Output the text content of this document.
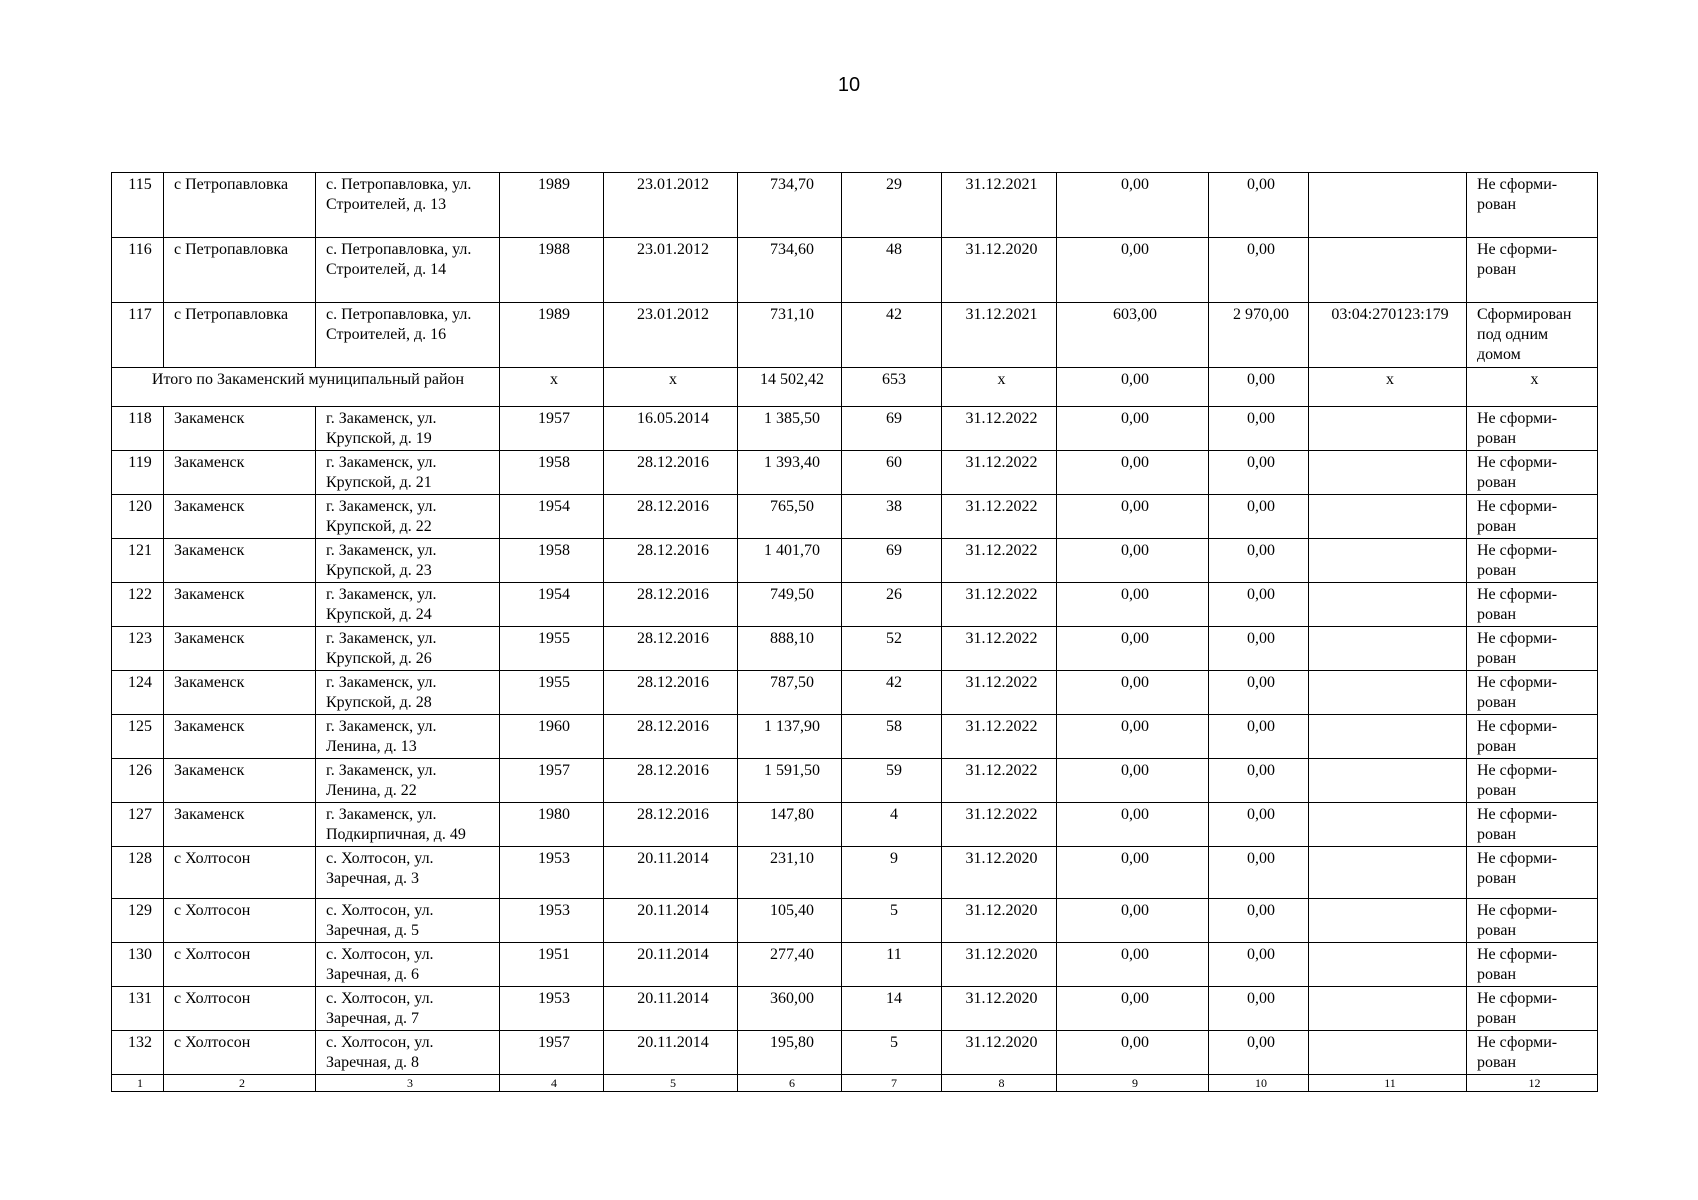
10
115	с Петропавловка	с. Петропавловка, ул. Строителей, д. 13	1989	23.01.2012	734,70	29	31.12.2021	0,00	0,00		Не сформи- рован
116	с Петропавловка	с. Петропавловка, ул. Строителей, д. 14	1988	23.01.2012	734,60	48	31.12.2020	0,00	0,00		Не сформи- рован
117	с Петропавловка	с. Петропавловка, ул. Строителей, д. 16	1989	23.01.2012	731,10	42	31.12.2021	603,00	2 970,00	03:04:270123:179	Сформирован под одним домом
Итого по Закаменский муниципальный район			x	x	14 502,42	653	x	0,00	0,00	x	x
118	Закаменск	г. Закаменск, ул. Крупской, д. 19	1957	16.05.2014	1 385,50	69	31.12.2022	0,00	0,00		Не сформи- рован
119	Закаменск	г. Закаменск, ул. Крупской, д. 21	1958	28.12.2016	1 393,40	60	31.12.2022	0,00	0,00		Не сформи- рован
120	Закаменск	г. Закаменск, ул. Крупской, д. 22	1954	28.12.2016	765,50	38	31.12.2022	0,00	0,00		Не сформи- рован
121	Закаменск	г. Закаменск, ул. Крупской, д. 23	1958	28.12.2016	1 401,70	69	31.12.2022	0,00	0,00		Не сформи- рован
122	Закаменск	г. Закаменск, ул. Крупской, д. 24	1954	28.12.2016	749,50	26	31.12.2022	0,00	0,00		Не сформи- рован
123	Закаменск	г. Закаменск, ул. Крупской, д. 26	1955	28.12.2016	888,10	52	31.12.2022	0,00	0,00		Не сформи- рован
124	Закаменск	г. Закаменск, ул. Крупской, д. 28	1955	28.12.2016	787,50	42	31.12.2022	0,00	0,00		Не сформи- рован
125	Закаменск	г. Закаменск, ул. Ленина, д. 13	1960	28.12.2016	1 137,90	58	31.12.2022	0,00	0,00		Не сформи- рован
126	Закаменск	г. Закаменск, ул. Ленина, д. 22	1957	28.12.2016	1 591,50	59	31.12.2022	0,00	0,00		Не сформи- рован
127	Закаменск	г. Закаменск, ул. Подкирпичная, д. 49	1980	28.12.2016	147,80	4	31.12.2022	0,00	0,00		Не сформи- рован
128	с Холтосон	с. Холтосон, ул. Заречная, д. 3	1953	20.11.2014	231,10	9	31.12.2020	0,00	0,00		Не сформи- рован
129	с Холтосон	с. Холтосон, ул. Заречная, д. 5	1953	20.11.2014	105,40	5	31.12.2020	0,00	0,00		Не сформи- рован
130	с Холтосон	с. Холтосон, ул. Заречная, д. 6	1951	20.11.2014	277,40	11	31.12.2020	0,00	0,00		Не сформи- рован
131	с Холтосон	с. Холтосон, ул. Заречная, д. 7	1953	20.11.2014	360,00	14	31.12.2020	0,00	0,00		Не сформи- рован
132	с Холтосон	с. Холтосон, ул. Заречная, д. 8	1957	20.11.2014	195,80	5	31.12.2020	0,00	0,00		Не сформи- рован
1	2	3	4	5	6	7	8	9	10	11	12
